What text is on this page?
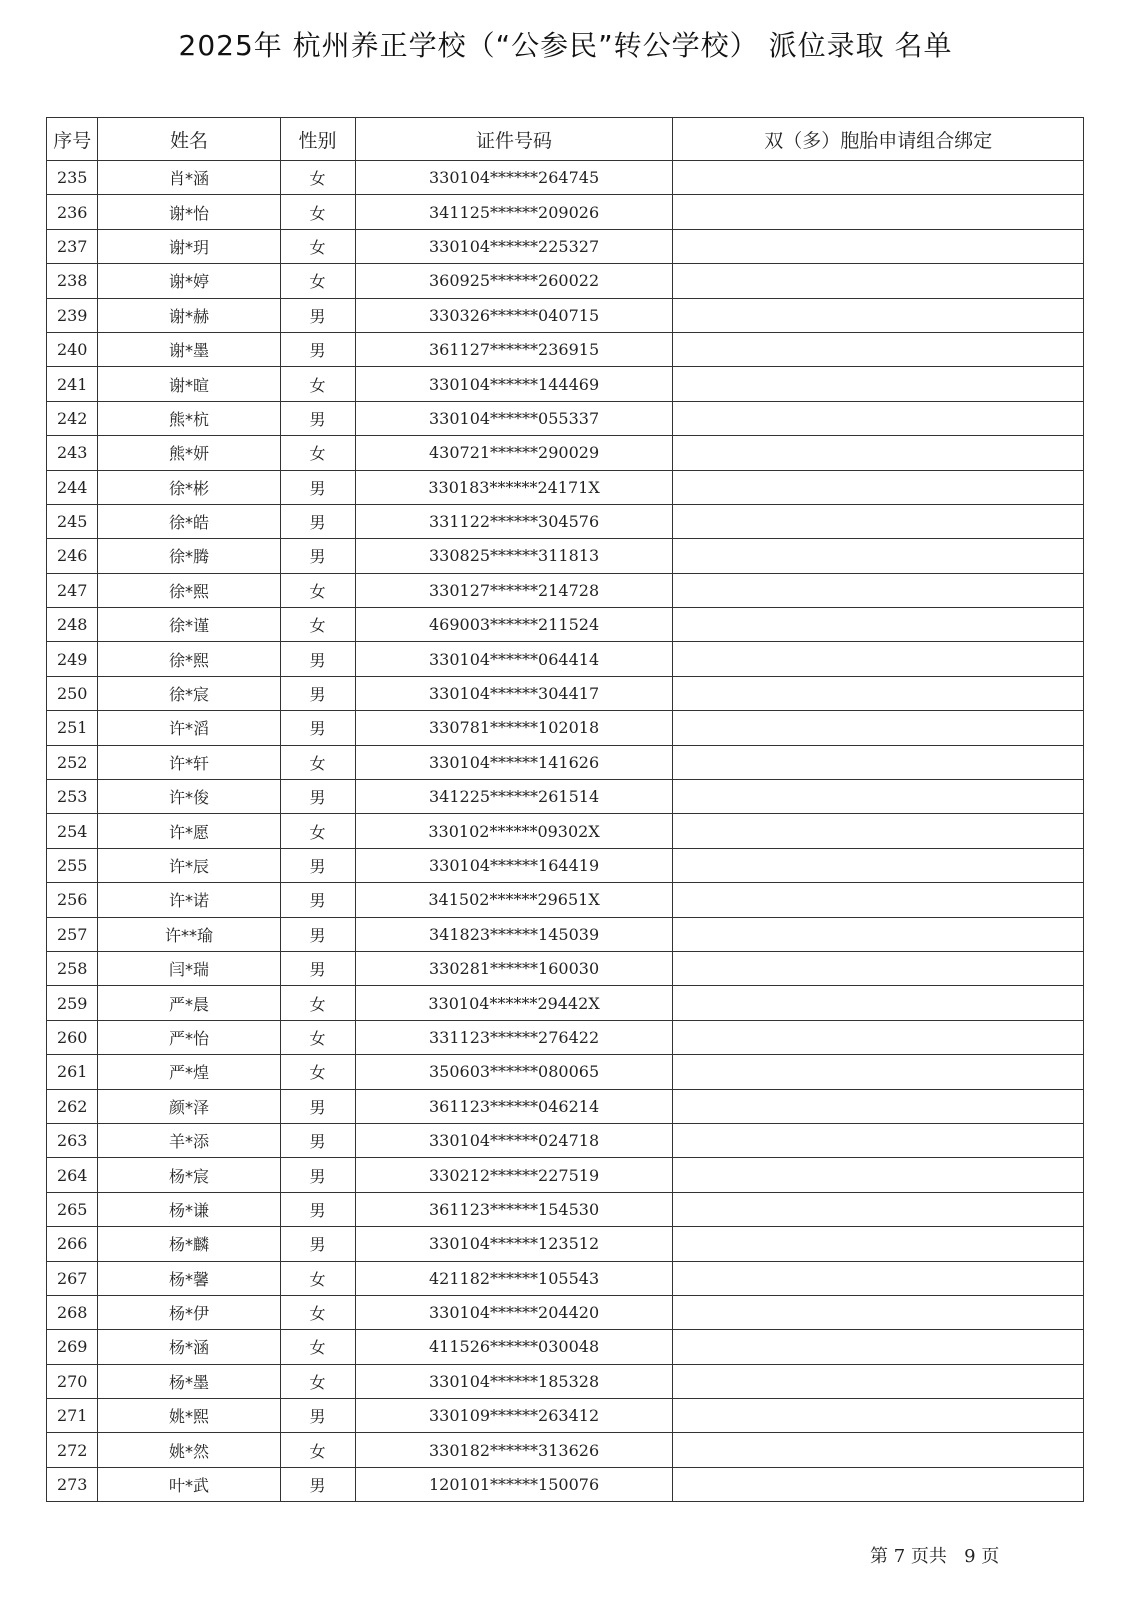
2025年 杭州养正学校（“公参民”转公学校） 派位录取 名单
序号	姓名	性别	证件号码	双（多）胞胎申请组合绑定
235	肖*涵	女	330104******264745	
236	谢*怡	女	341125******209026	
237	谢*玥	女	330104******225327	
238	谢*婷	女	360925******260022	
239	谢*赫	男	330326******040715	
240	谢*墨	男	361127******236915	
241	谢*暄	女	330104******144469	
242	熊*杭	男	330104******055337	
243	熊*妍	女	430721******290029	
244	徐*彬	男	330183******24171X	
245	徐*皓	男	331122******304576	
246	徐*腾	男	330825******311813	
247	徐*熙	女	330127******214728	
248	徐*谨	女	469003******211524	
249	徐*熙	男	330104******064414	
250	徐*宸	男	330104******304417	
251	许*滔	男	330781******102018	
252	许*轩	女	330104******141626	
253	许*俊	男	341225******261514	
254	许*愿	女	330102******09302X	
255	许*辰	男	330104******164419	
256	许*诺	男	341502******29651X	
257	许**瑜	男	341823******145039	
258	闫*瑞	男	330281******160030	
259	严*晨	女	330104******29442X	
260	严*怡	女	331123******276422	
261	严*煌	女	350603******080065	
262	颜*泽	男	361123******046214	
263	羊*添	男	330104******024718	
264	杨*宸	男	330212******227519	
265	杨*谦	男	361123******154530	
266	杨*麟	男	330104******123512	
267	杨*馨	女	421182******105543	
268	杨*伊	女	330104******204420	
269	杨*涵	女	411526******030048	
270	杨*墨	女	330104******185328	
271	姚*熙	男	330109******263412	
272	姚*然	女	330182******313626	
273	叶*武	男	120101******150076	
第 7 页共 9 页
